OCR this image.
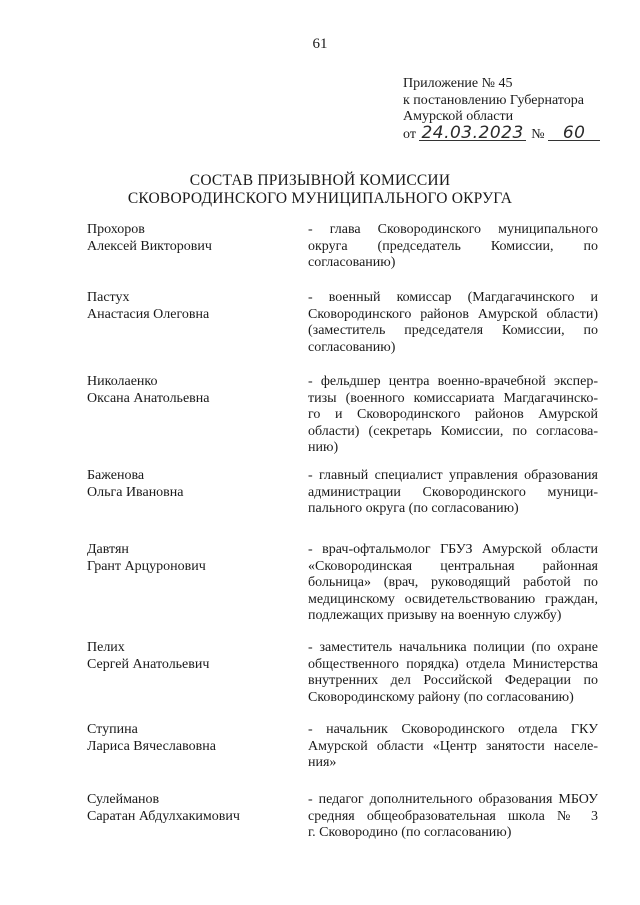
61
Приложение № 45
к постановлению Губернатора
Амурской области
от 24.03.2023 № 60
СОСТАВ ПРИЗЫВНОЙ КОМИССИИ
СКОВОРОДИНСКОГО МУНИЦИПАЛЬНОГО ОКРУГА
Прохоров
Алексей Викторович
- глава Сковородинского муниципального
округа (председатель Комиссии, по
согласованию)
Пастух
Анастасия Олеговна
- военный комиссар (Магдагачинского и
Сковородинского районов Амурской области)
(заместитель председателя Комиссии, по
согласованию)
Николаенко
Оксана Анатольевна
- фельдшер центра военно-врачебной экспер-
тизы (военного комиссариата Магдагачинско-
го и Сковородинского районов Амурской
области) (секретарь Комиссии, по согласова-
нию)
Баженова
Ольга Ивановна
- главный специалист управления образования
администрации Сковородинского муници-
пального округа (по согласованию)
Давтян
Грант Арцуронович
- врач-офтальмолог ГБУЗ Амурской области
«Сковородинская центральная районная
больница» (врач, руководящий работой по
медицинскому освидетельствованию граждан,
подлежащих призыву на военную службу)
Пелих
Сергей Анатольевич
- заместитель начальника полиции (по охране
общественного порядка) отдела Министерства
внутренних дел Российской Федерации по
Сковородинскому району (по согласованию)
Ступина
Лариса Вячеславовна
- начальник Сковородинского отдела ГКУ
Амурской области «Центр занятости населе-
ния»
Сулейманов
Саратан Абдулхакимович
- педагог дополнительного образования МБОУ
средняя общеобразовательная школа № 3
г. Сковородино (по согласованию)
